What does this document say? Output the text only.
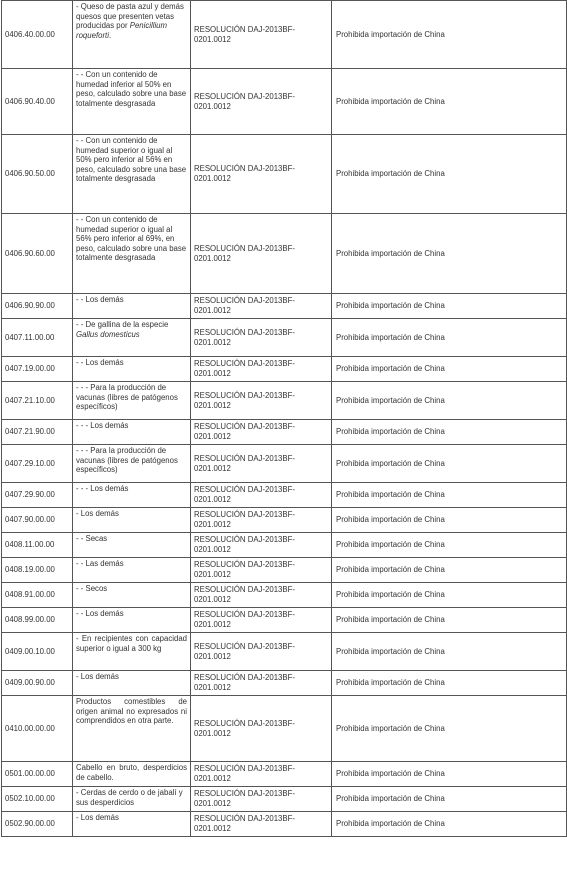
0406.40.00.00	- Queso de pasta azul y demás quesos que presenten vetas producidas por Penicillium roqueforti.	RESOLUCIÓN DAJ-2013BF-0201.0012	Prohibida importación de China
0406.90.40.00	- - Con un contenido de humedad inferior al 50% en peso, calculado sobre una base totalmente desgrasada	RESOLUCIÓN DAJ-2013BF-0201.0012	Prohibida importación de China
0406.90.50.00	- - Con un contenido de humedad superior o igual al 50% pero inferior al 56% en peso, calculado sobre una base totalmente desgrasada	RESOLUCIÓN DAJ-2013BF-0201.0012	Prohibida importación de China
0406.90.60.00	- - Con un contenido de humedad superior o igual al 56% pero inferior al 69%, en peso, calculado sobre una base totalmente desgrasada	RESOLUCIÓN DAJ-2013BF-0201.0012	Prohibida importación de China
0406.90.90.00	- - Los demás	RESOLUCIÓN DAJ-2013BF-0201.0012	Prohibida importación de China
0407.11.00.00	- - De gallina de la especie Gallus domesticus	RESOLUCIÓN DAJ-2013BF-0201.0012	Prohibida importación de China
0407.19.00.00	- - Los demás	RESOLUCIÓN DAJ-2013BF-0201.0012	Prohibida importación de China
0407.21.10.00	- - - Para la producción de vacunas (libres de patógenos específicos)	RESOLUCIÓN DAJ-2013BF-0201.0012	Prohibida importación de China
0407.21.90.00	- - - Los demás	RESOLUCIÓN DAJ-2013BF-0201.0012	Prohibida importación de China
0407.29.10.00	- - - Para la producción de vacunas (libres de patógenos específicos)	RESOLUCIÓN DAJ-2013BF-0201.0012	Prohibida importación de China
0407.29.90.00	- - - Los demás	RESOLUCIÓN DAJ-2013BF-0201.0012	Prohibida importación de China
0407.90.00.00	- Los demás	RESOLUCIÓN DAJ-2013BF-0201.0012	Prohibida importación de China
0408.11.00.00	- - Secas	RESOLUCIÓN DAJ-2013BF-0201.0012	Prohibida importación de China
0408.19.00.00	- - Las demás	RESOLUCIÓN DAJ-2013BF-0201.0012	Prohibida importación de China
0408.91.00.00	- - Secos	RESOLUCIÓN DAJ-2013BF-0201.0012	Prohibida importación de China
0408.99.00.00	- - Los demás	RESOLUCIÓN DAJ-2013BF-0201.0012	Prohibida importación de China
0409.00.10.00	- En recipientes con capacidad superior o igual a 300 kg	RESOLUCIÓN DAJ-2013BF-0201.0012	Prohibida importación de China
0409.00.90.00	- Los demás	RESOLUCIÓN DAJ-2013BF-0201.0012	Prohibida importación de China
0410.00.00.00	Productos comestibles de origen animal no expresados ni comprendidos en otra parte.	RESOLUCIÓN DAJ-2013BF-0201.0012	Prohibida importación de China
0501.00.00.00	Cabello en bruto, desperdicios de cabello.	RESOLUCIÓN DAJ-2013BF-0201.0012	Prohibida importación de China
0502.10.00.00	- Cerdas de cerdo o de jabalí y sus desperdicios	RESOLUCIÓN DAJ-2013BF-0201.0012	Prohibida importación de China
0502.90.00.00	- Los demás	RESOLUCIÓN DAJ-2013BF-0201.0012	Prohibida importación de China
